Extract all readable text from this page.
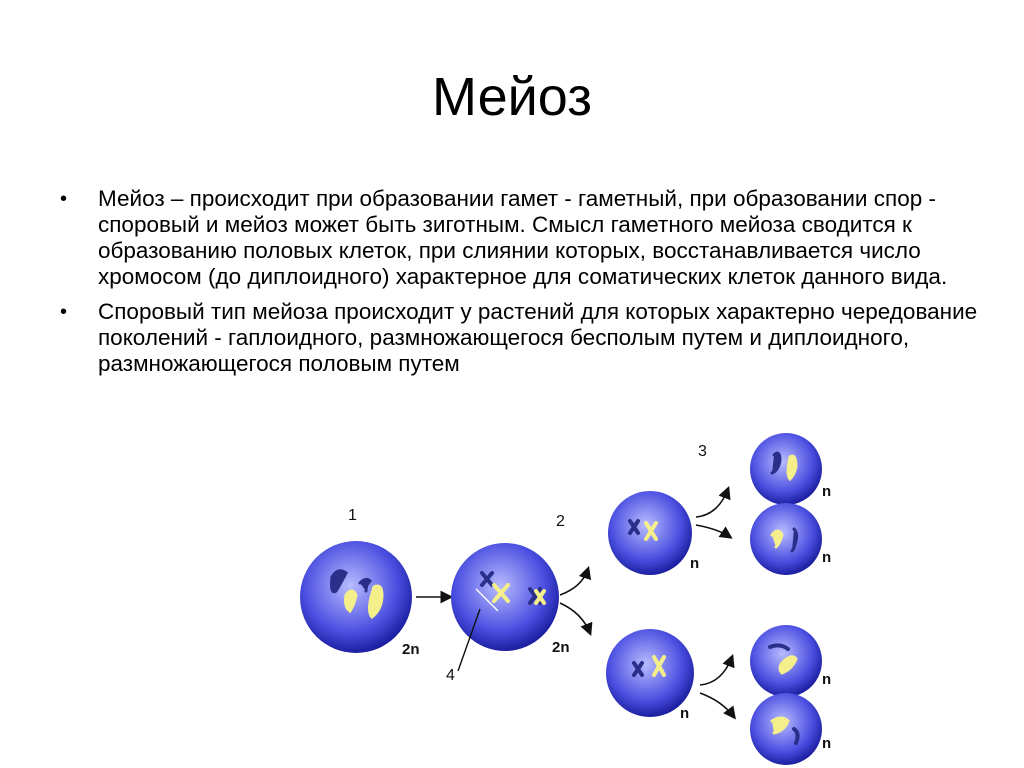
Мейоз
•	Мейоз – происходит при образовании гамет - гаметный, при образовании спор - споровый и мейоз может быть зиготным. Смысл гаметного мейоза сводится к образованию половых клеток, при слиянии которых, восстанавливается число хромосом (до диплоидного) характерное для соматических клеток данного вида.
•	Споровый тип мейоза происходит у растений для которых характерно чередование поколений - гаплоидного, размножающегося бесполым путем и диплоидного, размножающегося половым путем
1	2
3
4
2n	2n
n
n
n
n
n
n
